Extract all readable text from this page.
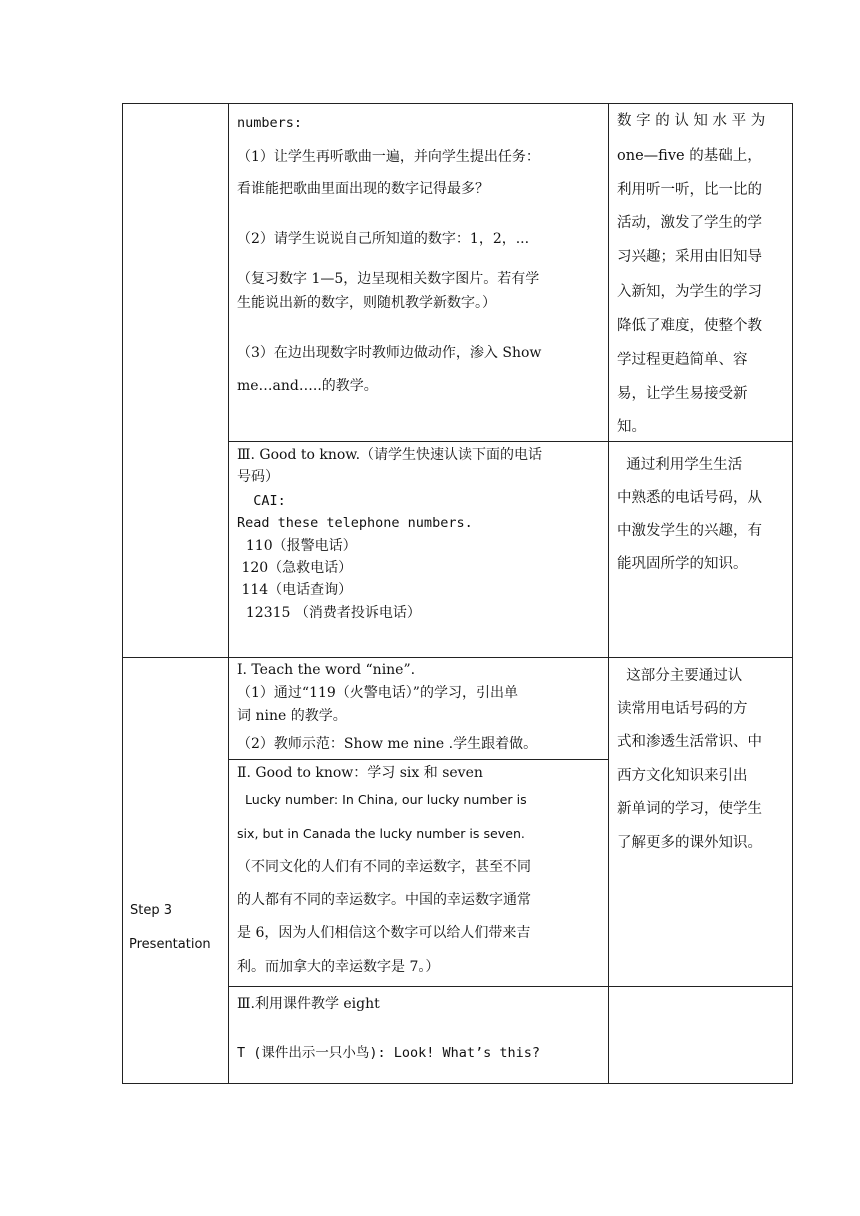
numbers:
（1）让学生再听歌曲一遍，并向学生提出任务：
看谁能把歌曲里面出现的数字记得最多？
（2）请学生说说自己所知道的数字：1，2，...
（复习数字 1—5，边呈现相关数字图片。若有学
生能说出新的数字，则随机教学新数字。）
（3）在边出现数字时教师边做动作，渗入 Show
me…and…..的教学。
数 字 的 认 知 水 平 为
one—five 的基础上，
利用听一听，比一比的
活动，激发了学生的学
习兴趣；采用由旧知导
入新知，为学生的学习
降低了难度，使整个教
学过程更趋简单、容
易，让学生易接受新
知。
Ⅲ. Good to know.（请学生快速认读下面的电话
号码）
CAI:
Read these telephone numbers.
110（报警电话）
120（急救电话）
114（电话查询）
12315 （消费者投诉电话）
通过利用学生生活
中熟悉的电话号码，从
中激发学生的兴趣，有
能巩固所学的知识。
Step 3
Presentation
Ⅰ. Teach the word “nine”.
（1）通过“119（火警电话）”的学习，引出单
词 nine 的教学。
（2）教师示范：Show me nine .学生跟着做。
这部分主要通过认
读常用电话号码的方
式和渗透生活常识、中
西方文化知识来引出
新单词的学习，使学生
了解更多的课外知识。
Ⅱ. Good to know：学习 six 和 seven
Lucky number: In China, our lucky number is
six, but in Canada the lucky number is seven.
（不同文化的人们有不同的幸运数字，甚至不同
的人都有不同的幸运数字。中国的幸运数字通常
是 6，因为人们相信这个数字可以给人们带来吉
利。而加拿大的幸运数字是 7。）
Ⅲ.利用课件教学 eight
T (课件出示一只小鸟): Look! What’s this?
